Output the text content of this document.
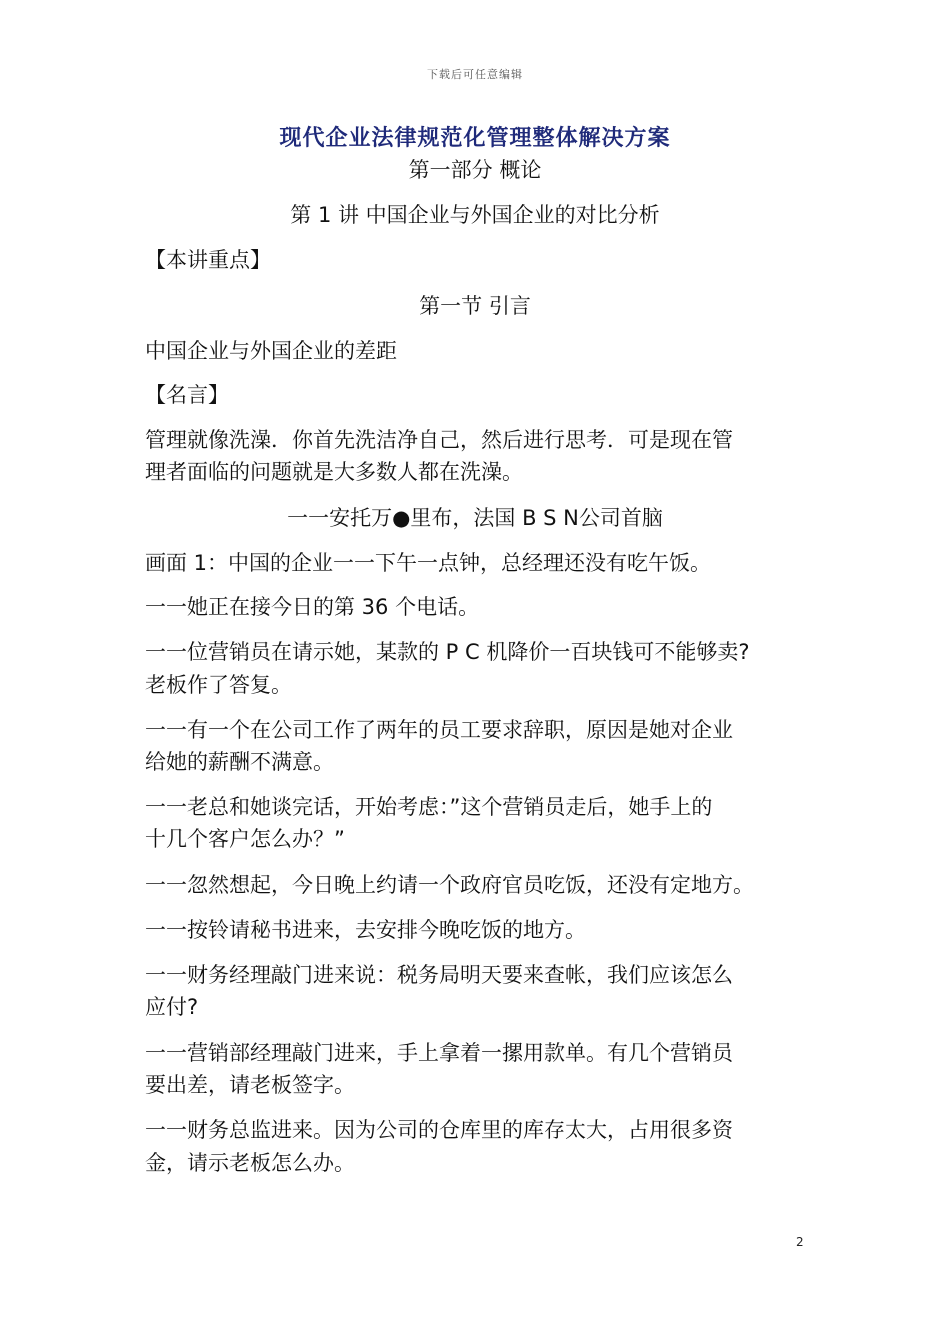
下载后可任意编辑
现代企业法律规范化管理整体解决方案
第一部分 概论
第 1 讲 中国企业与外国企业的对比分析
【本讲重点】
第一节 引言
中国企业与外国企业的差距
【名言】
管理就像洗澡．你首先洗洁净自己，然后进行思考．可是现在管
理者面临的问题就是大多数人都在洗澡。
一一安托万●里布，法国 B S N公司首脑
画面 1：中国的企业一一下午一点钟，总经理还没有吃午饭。
一一她正在接今日的第 36 个电话。
一一位营销员在请示她，某款的 P C 机降价一百块钱可不能够卖?
老板作了答复。
一一有一个在公司工作了两年的员工要求辞职，原因是她对企业
给她的薪酬不满意。
一一老总和她谈完话，开始考虑：”这个营销员走后，她手上的
十几个客户怎么办？”
一一忽然想起，今日晚上约请一个政府官员吃饭，还没有定地方。
一一按铃请秘书进来，去安排今晚吃饭的地方。
一一财务经理敲门进来说：税务局明天要来查帐，我们应该怎么
应付?
一一营销部经理敲门进来，手上拿着一摞用款单。有几个营销员
要出差，请老板签字。
一一财务总监进来。因为公司的仓库里的库存太大，占用很多资
金，请示老板怎么办。
2
